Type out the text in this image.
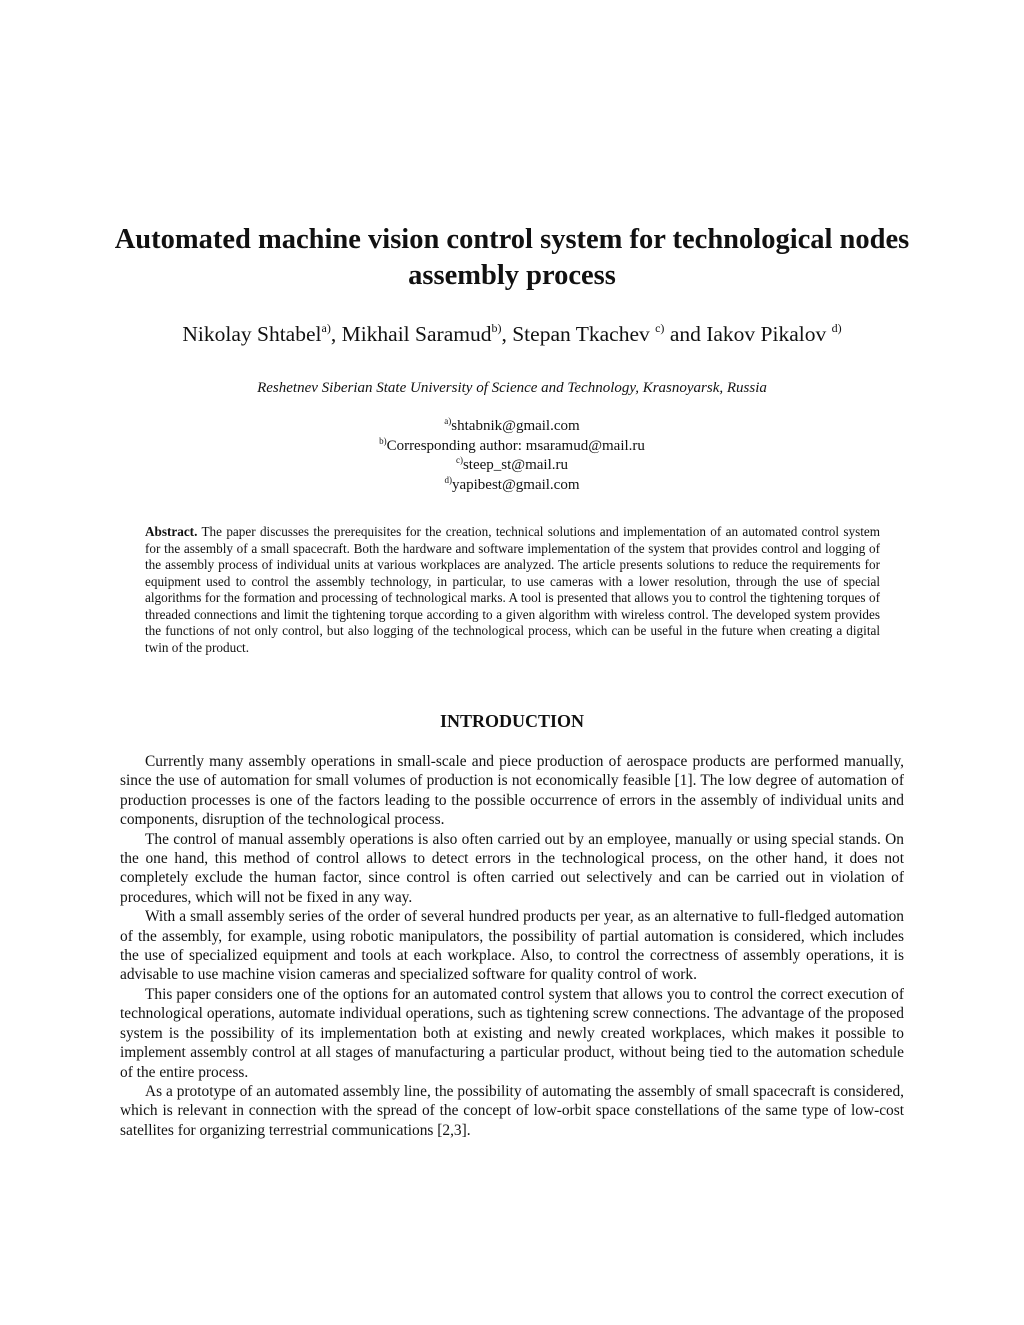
Automated machine vision control system for technological nodes assembly process
Nikolay Shtabel$^{a)}$, Mikhail Saramud$^{b)}$, Stepan Tkachev $^{c)}$ and Iakov Pikalov $^{d)}$

Reshetnev Siberian State University of Science and Technology, Krasnoyarsk, Russia

$^{a)}$shtabnik@gmail.com
$^{b)}$Corresponding author: msaramud@mail.ru
$^{c)}$steep_st@mail.ru
$^{d)}$yapibest@gmail.com

Abstract. The paper discusses the prerequisites for the creation, technical solutions and implementation of an automated control system for the assembly of a small spacecraft. Both the hardware and software implementation of the system that provides control and logging of the assembly process of individual units at various workplaces are analyzed. The article presents solutions to reduce the requirements for equipment used to control the assembly technology, in particular, to use cameras with a lower resolution, through the use of special algorithms for the formation and processing of technological marks. A tool is presented that allows you to control the tightening torques of threaded connections and limit the tightening torque according to a given algorithm with wireless control. The developed system provides the functions of not only control, but also logging of the technological process, which can be useful in the future when creating a digital twin of the product.

INTRODUCTION

Currently many assembly operations in small-scale and piece production of aerospace products are performed manually, since the use of automation for small volumes of production is not economically feasible [1]. The low degree of automation of production processes is one of the factors leading to the possible occurrence of errors in the assembly of individual units and components, disruption of the technological process.

The control of manual assembly operations is also often carried out by an employee, manually or using special stands. On the one hand, this method of control allows to detect errors in the technological process, on the other hand, it does not completely exclude the human factor, since control is often carried out selectively and can be carried out in violation of procedures, which will not be fixed in any way.

With a small assembly series of the order of several hundred products per year, as an alternative to full-fledged automation of the assembly, for example, using robotic manipulators, the possibility of partial automation is considered, which includes the use of specialized equipment and tools at each workplace. Also, to control the correctness of assembly operations, it is advisable to use machine vision cameras and specialized software for quality control of work.

This paper considers one of the options for an automated control system that allows you to control the correct execution of technological operations, automate individual operations, such as tightening screw connections. The advantage of the proposed system is the possibility of its implementation both at existing and newly created workplaces, which makes it possible to implement assembly control at all stages of manufacturing a particular product, without being tied to the automation schedule of the entire process.

As a prototype of an automated assembly line, the possibility of automating the assembly of small spacecraft is considered, which is relevant in connection with the spread of the concept of low-orbit space constellations of the same type of low-cost satellites for organizing terrestrial communications [2,3].
